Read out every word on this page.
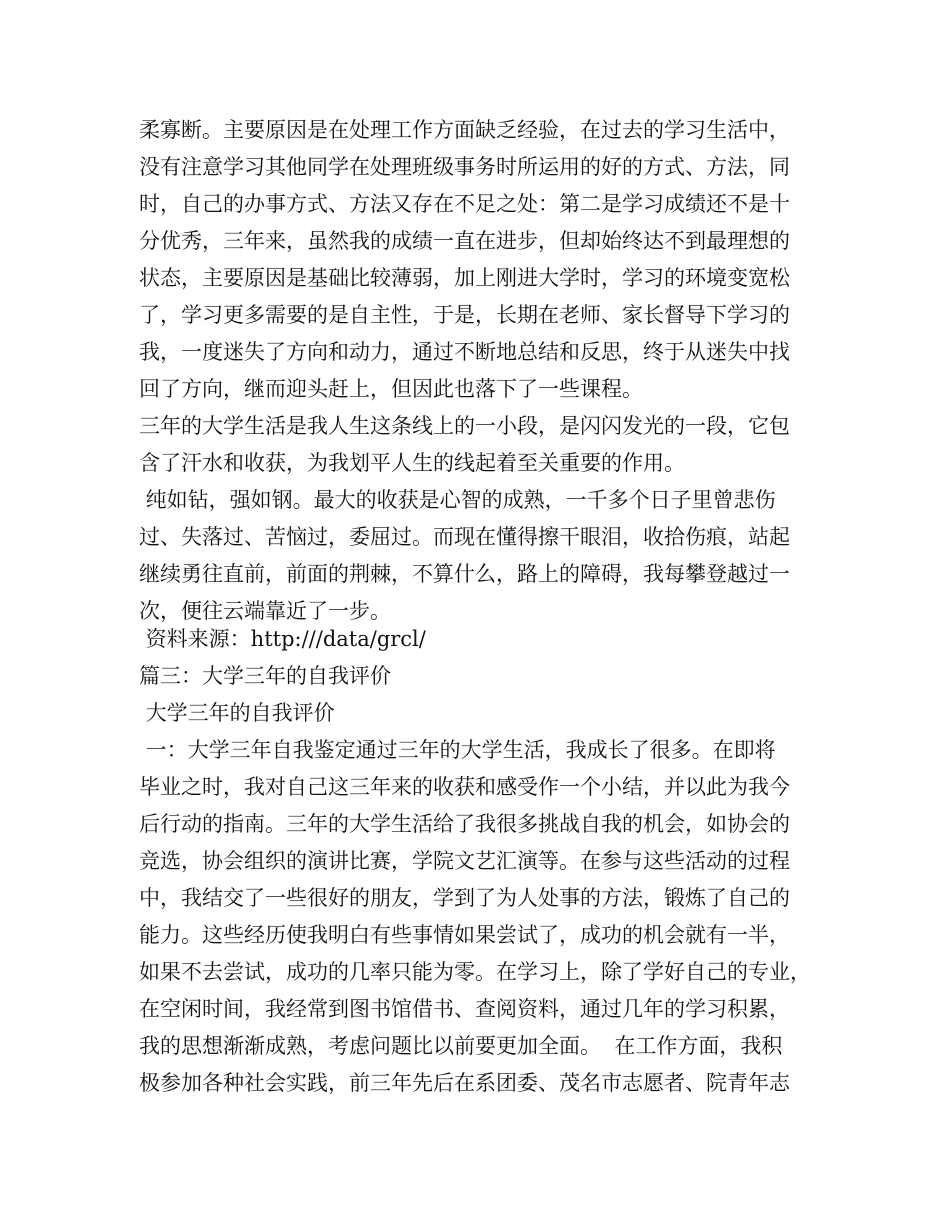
柔寡断。主要原因是在处理工作方面缺乏经验，在过去的学习生活中，
没有注意学习其他同学在处理班级事务时所运用的好的方式、方法，同
时，自己的办事方式、方法又存在不足之处：第二是学习成绩还不是十
分优秀，三年来，虽然我的成绩一直在进步，但却始终达不到最理想的
状态，主要原因是基础比较薄弱，加上刚进大学时，学习的环境变宽松
了，学习更多需要的是自主性，于是，长期在老师、家长督导下学习的
我，一度迷失了方向和动力，通过不断地总结和反思，终于从迷失中找
回了方向，继而迎头赶上，但因此也落下了一些课程。
三年的大学生活是我人生这条线上的一小段，是闪闪发光的一段，它包
含了汗水和收获，为我划平人生的线起着至关重要的作用。
纯如钻，强如钢。最大的收获是心智的成熟，一千多个日子里曾悲伤
过、失落过、苦恼过，委屈过。而现在懂得擦干眼泪，收拾伤痕，站起
继续勇往直前，前面的荆棘，不算什么，路上的障碍，我每攀登越过一
次，便往云端靠近了一步。
资料来源：http:///data/grcl/
篇三：大学三年的自我评价
大学三年的自我评价
一：大学三年自我鉴定通过三年的大学生活，我成长了很多。在即将
毕业之时，我对自己这三年来的收获和感受作一个小结，并以此为我今
后行动的指南。三年的大学生活给了我很多挑战自我的机会，如协会的
竞选，协会组织的演讲比赛，学院文艺汇演等。在参与这些活动的过程
中，我结交了一些很好的朋友，学到了为人处事的方法，锻炼了自己的
能力。这些经历使我明白有些事情如果尝试了，成功的机会就有一半，
如果不去尝试，成功的几率只能为零。在学习上，除了学好自己的专业，
在空闲时间，我经常到图书馆借书、查阅资料，通过几年的学习积累，
我的思想渐渐成熟，考虑问题比以前要更加全面。  在工作方面，我积
极参加各种社会实践，前三年先后在系团委、茂名市志愿者、院青年志
